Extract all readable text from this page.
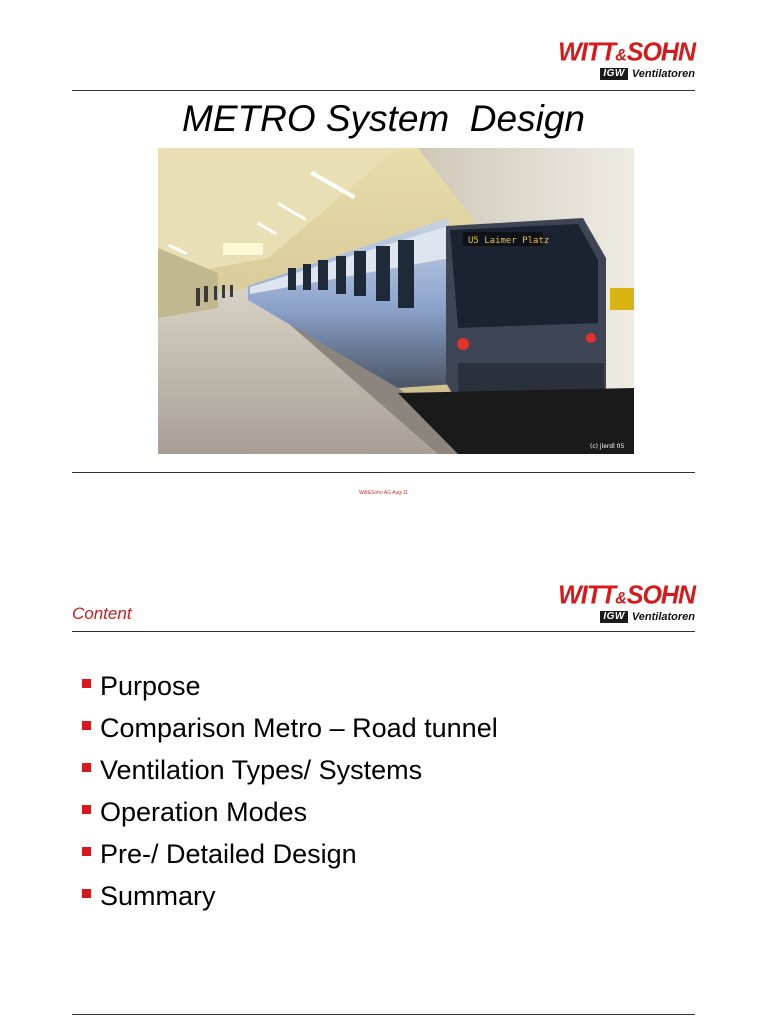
WITT&SOHN
IGW Ventilatoren
METRO System  Design
U5 Laimer Platz
(c) jlerdl 05
Witt&Sohn AG Aug-11
WITT&SOHN
IGW Ventilatoren
Content
Purpose
Comparison Metro – Road tunnel
Ventilation Types/ Systems
Operation Modes
Pre-/ Detailed Design
Summary
